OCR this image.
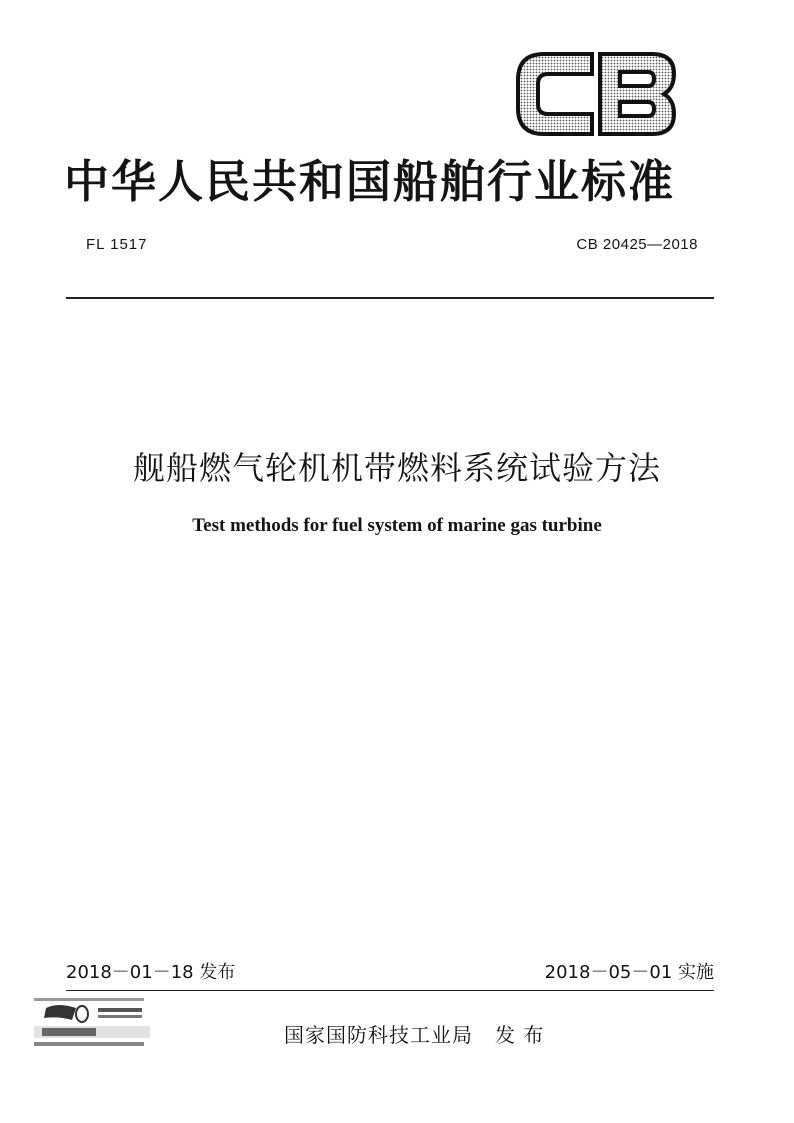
中华人民共和国船舶行业标准
FL 1517	CB 20425—2018
舰船燃气轮机机带燃料系统试验方法
Test methods for fuel system of marine gas turbine
2018－01－18 发布	2018－05－01 实施
国家国防科技工业局 发 布
